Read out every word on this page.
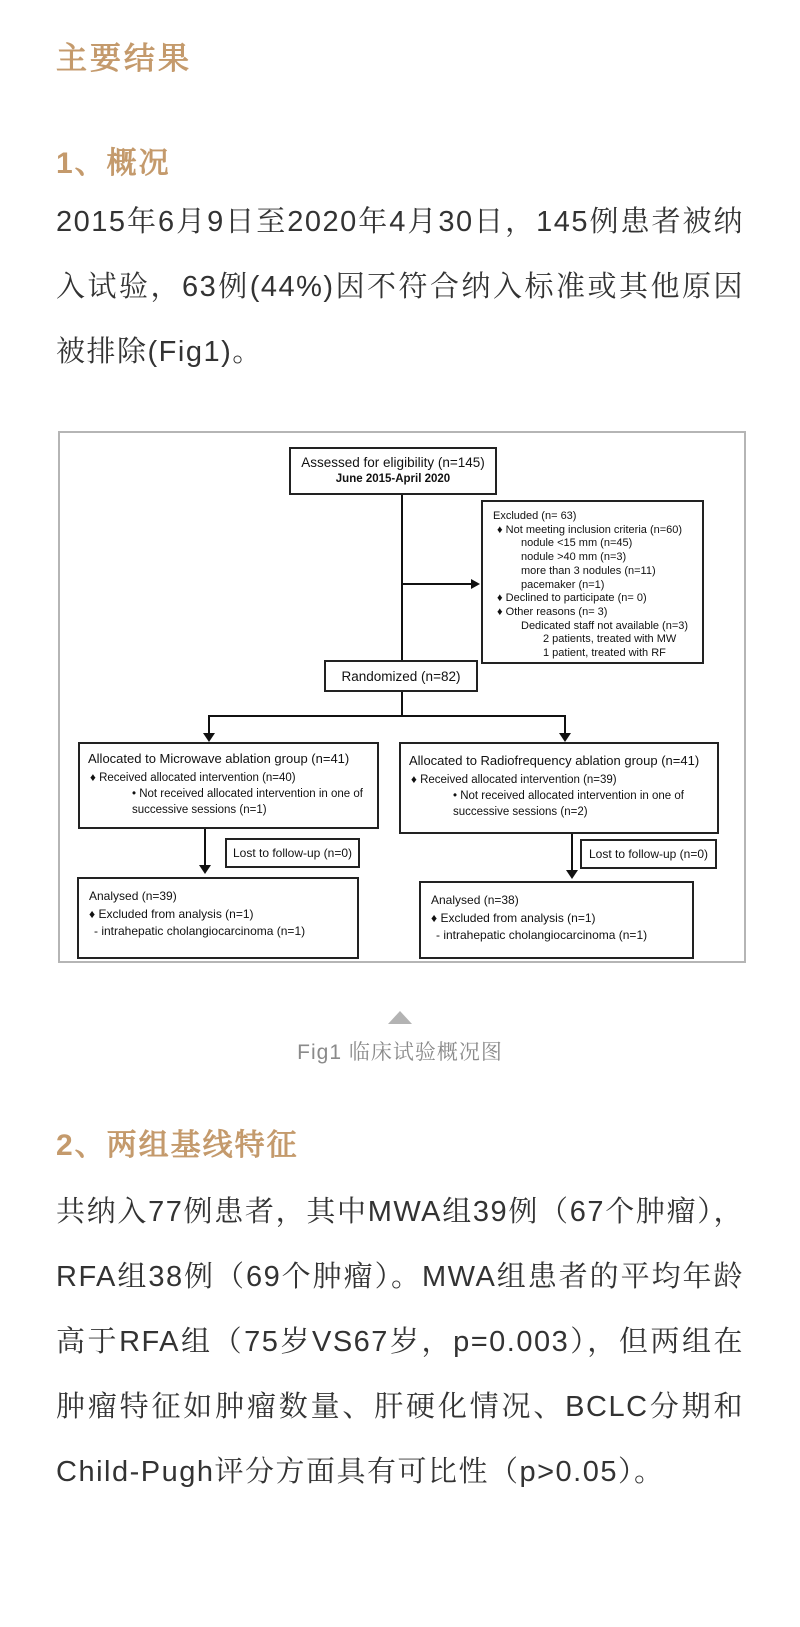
主要结果
1、概况
2015年6月9日至2020年4月30日，145例患者被纳入试验，63例(44%)因不符合纳入标准或其他原因被排除(Fig1)。
Assessed for eligibility (n=145)
June 2015-April 2020
Excluded (n= 63)
♦ Not meeting inclusion criteria (n=60)
nodule <15 mm (n=45)
nodule >40 mm (n=3)
more than 3 nodules (n=11)
pacemaker (n=1)
♦ Declined to participate (n= 0)
♦ Other reasons (n= 3)
Dedicated staff not available (n=3)
2 patients, treated with MW
1 patient, treated with RF
Randomized (n=82)
Allocated to Microwave ablation group (n=41)
♦ Received allocated intervention (n=40)
• Not received allocated intervention in one of successive sessions (n=1)
Allocated to Radiofrequency ablation group (n=41)
♦ Received allocated intervention (n=39)
• Not received allocated intervention in one of successive sessions (n=2)
Lost to follow-up (n=0)	Lost to follow-up (n=0)
Analysed (n=39)
♦ Excluded from analysis (n=1)
- intrahepatic cholangiocarcinoma (n=1)
Analysed (n=38)
♦ Excluded from analysis (n=1)
- intrahepatic cholangiocarcinoma (n=1)
Fig1 临床试验概况图
2、两组基线特征
共纳入77例患者，其中MWA组39例（67个肿瘤），RFA组38例（69个肿瘤）。MWA组患者的平均年龄高于RFA组（75岁VS67岁，p=0.003），但两组在肿瘤特征如肿瘤数量、肝硬化情况、BCLC分期和Child-Pugh评分方面具有可比性（p>0.05）。
